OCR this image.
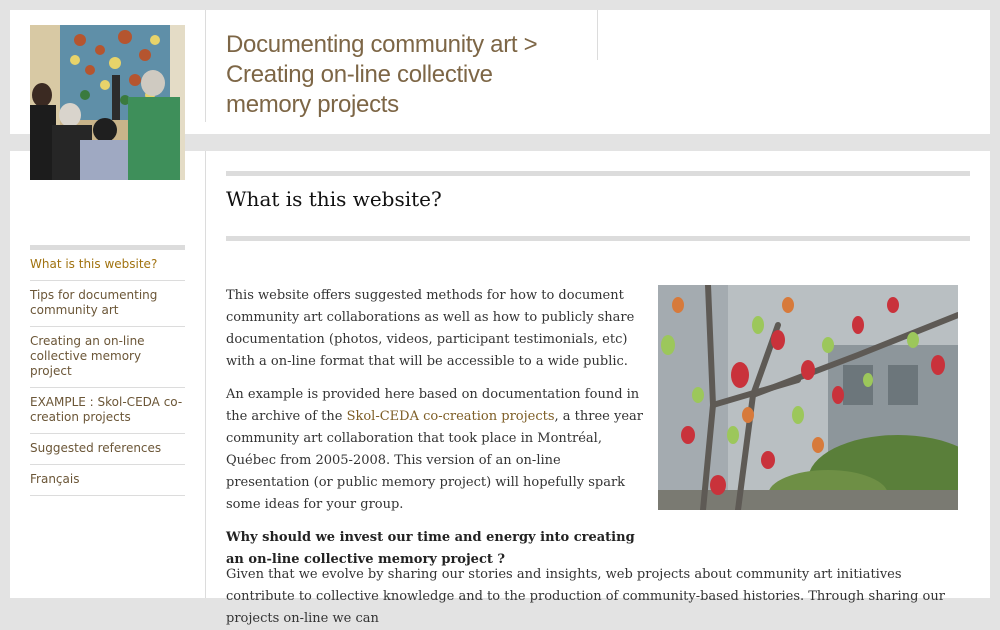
Documenting community art >
Creating on-line collective
memory projects
What is this website?
Tips for documenting community art
Creating an on-line collective memory project
EXAMPLE : Skol-CEDA co-creation projects
Suggested references
Français
What is this website?

This website offers suggested methods for how to document community art collaborations as well as how to publicly share documentation (photos, videos, participant testimonials, etc) with a on-line format that will be accessible to a wide public.

An example is provided here based on documentation found in the archive of the Skol-CEDA co-creation projects, a three year community art collaboration that took place in Montréal, Québec from 2005-2008. This version of an on-line presentation (or public memory project) will hopefully spark some ideas for your group.

Why should we invest our time and energy into creating an on-line collective memory project ?

Given that we evolve by sharing our stories and insights, web projects about community art initiatives contribute to collective knowledge and to the production of community-based histories. Through sharing our projects on-line we can
